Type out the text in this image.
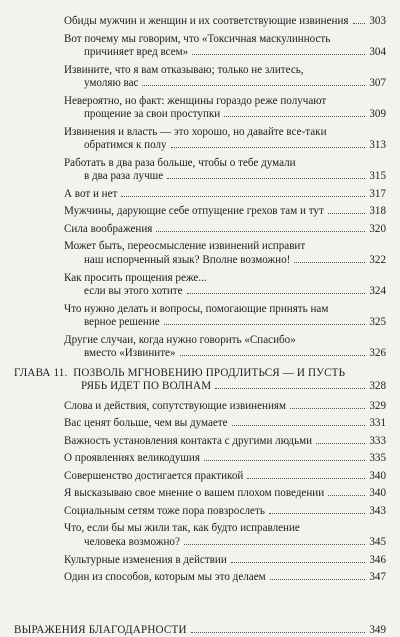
Обиды мужчин и женщин и их соответствующие извинения 303
Вот почему мы говорим, что «Токсичная маскулинность
причиняет вред всем»	304
Извините, что я вам отказываю; только не злитесь,
умоляю вас	307
Невероятно, но факт: женщины гораздо реже получают
прощение за свои проступки	309
Извинения и власть — это хорошо, но давайте все-таки
обратимся к полу	313
Работать в два раза больше, чтобы о тебе думали
в два раза лучше	315
А вот и нет	317
Мужчины, дарующие себе отпущение грехов там и тут	318
Сила воображения	320
Может быть, переосмысление извинений исправит
наш испорченный язык? Вполне возможно!	322
Как просить прощения реже...
если вы этого хотите	324
Что нужно делать и вопросы, помогающие принять нам
верное решение	325
Другие случаи, когда нужно говорить «Спасибо»
вместо «Извините»	326
ГЛАВА 11. ПОЗВОЛЬ МГНОВЕНИЮ ПРОДЛИТЬСЯ — И ПУСТЬ
РЯБЬ ИДЕТ ПО ВОЛНАМ	328
Слова и действия, сопутствующие извинениям	329
Вас ценят больше, чем вы думаете	331
Важность установления контакта с другими людьми	333
О проявлениях великодушия	335
Совершенство достигается практикой	340
Я высказываю свое мнение о вашем плохом поведении	340
Социальным сетям тоже пора повзрослеть	343
Что, если бы мы жили так, как будто исправление
человека возможно?	345
Культурные изменения в действии	346
Один из способов, которым мы это делаем	347
ВЫРАЖЕНИЯ БЛАГОДАРНОСТИ	349
